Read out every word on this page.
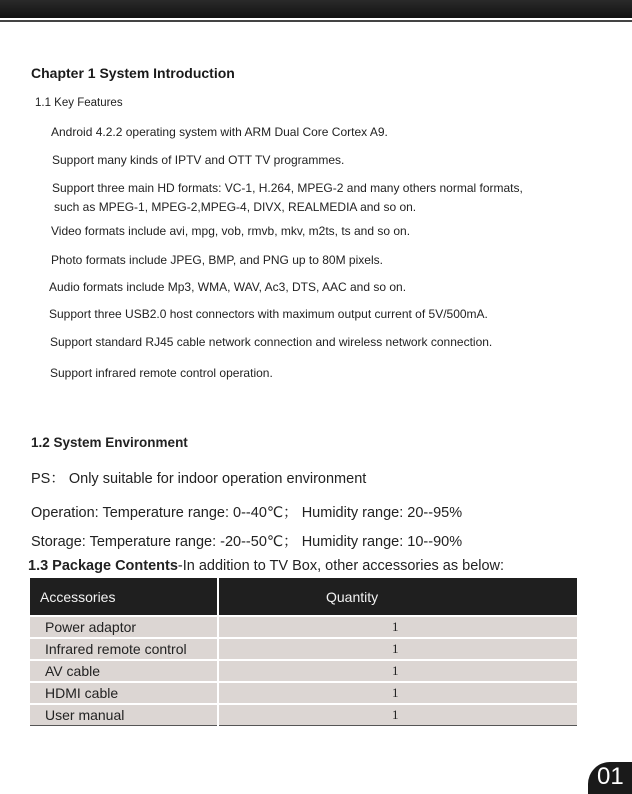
Chapter 1 System Introduction

1.1 Key Features

Android 4.2.2 operating system with ARM Dual Core Cortex A9.

Support many kinds of IPTV and OTT TV programmes.

Support three main HD formats: VC-1, H.264, MPEG-2 and many others normal formats,

such as MPEG-1, MPEG-2,MPEG-4, DIVX, REALMEDIA and so on.

Video formats include avi, mpg, vob, rmvb, mkv, m2ts, ts and so on.

Photo formats include JPEG, BMP, and PNG up to 80M pixels.

Audio formats include Mp3, WMA, WAV, Ac3, DTS, AAC and so on.

Support three USB2.0 host connectors with maximum output current of 5V/500mA.

Support standard RJ45 cable network connection and wireless network connection.

Support infrared remote control operation.

1.2 System Environment

PS： Only suitable for indoor operation environment

Operation: Temperature range: 0--40℃； Humidity range: 20--95%

Storage: Temperature range: -20--50℃； Humidity range: 10--90%

1.3 Package Contents-In addition to TV Box, other accessories as below:

Accessories	Quantity
Power adaptor	1
Infrared remote control	1
AV cable	1
HDMI cable	1
User manual	1
01
